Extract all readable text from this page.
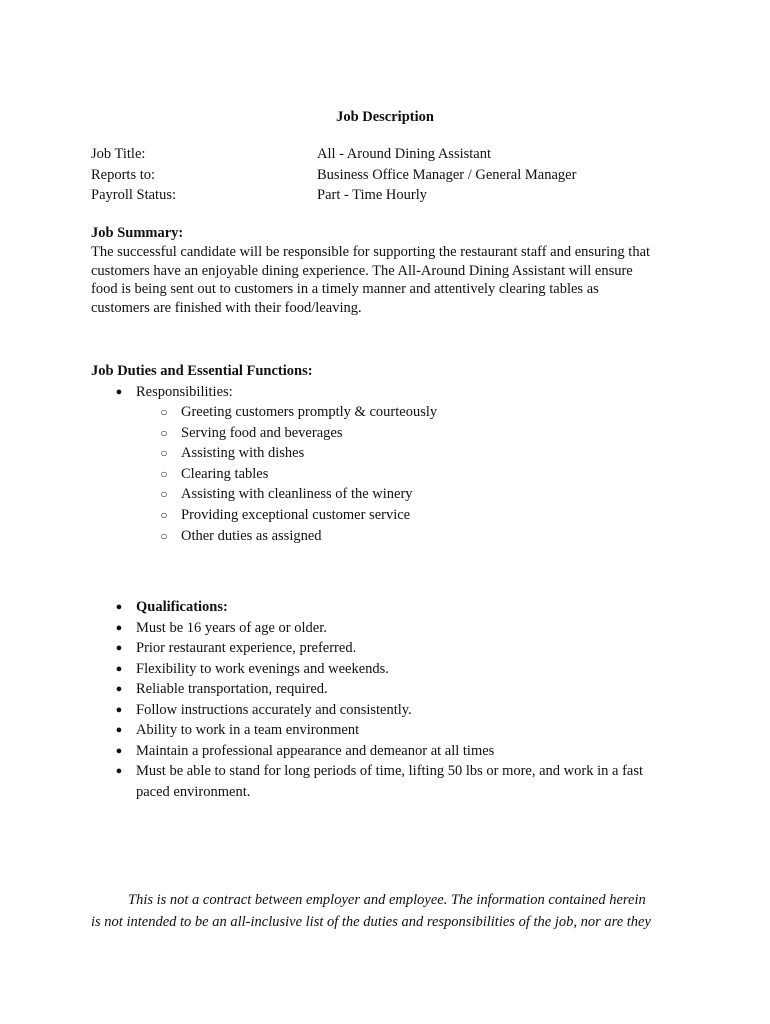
Job Description
Job Title:	All - Around Dining Assistant
Reports to:	Business Office Manager / General Manager
Payroll Status:	Part - Time Hourly
Job Summary:
The successful candidate will be responsible for supporting the restaurant staff and ensuring that
customers have an enjoyable dining experience. The All-Around Dining Assistant will ensure
food is being sent out to customers in a timely manner and attentively clearing tables as
customers are finished with their food/leaving.
Job Duties and Essential Functions:
● Responsibilities:
○ Greeting customers promptly & courteously
○ Serving food and beverages
○ Assisting with dishes
○ Clearing tables
○ Assisting with cleanliness of the winery
○ Providing exceptional customer service
○ Other duties as assigned
● Qualifications:
● Must be 16 years of age or older.
● Prior restaurant experience, preferred.
● Flexibility to work evenings and weekends.
● Reliable transportation, required.
● Follow instructions accurately and consistently.
● Ability to work in a team environment
● Maintain a professional appearance and demeanor at all times
● Must be able to stand for long periods of time, lifting 50 lbs or more, and work in a fast
paced environment.
This is not a contract between employer and employee. The information contained herein
is not intended to be an all-inclusive list of the duties and responsibilities of the job, nor are they
